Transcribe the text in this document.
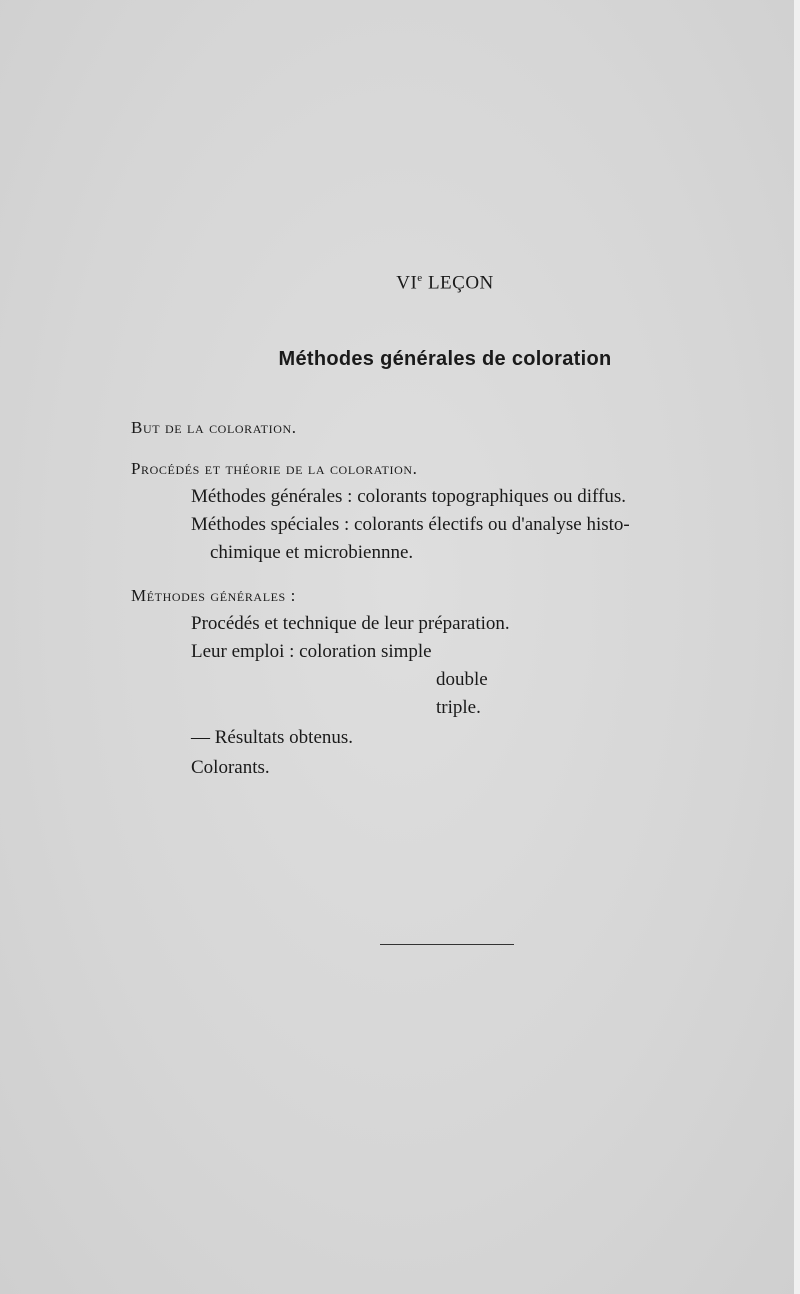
VIe LEÇON
Méthodes générales de coloration
But de la coloration.
Procédés et théorie de la coloration.
Méthodes générales : colorants topographiques ou diffus.
Méthodes spéciales : colorants électifs ou d'analyse histo-
chimique et microbiennne.
Méthodes générales :
Procédés et technique de leur préparation.
Leur emploi : coloration simple
double
triple.
— Résultats obtenus.
Colorants.
